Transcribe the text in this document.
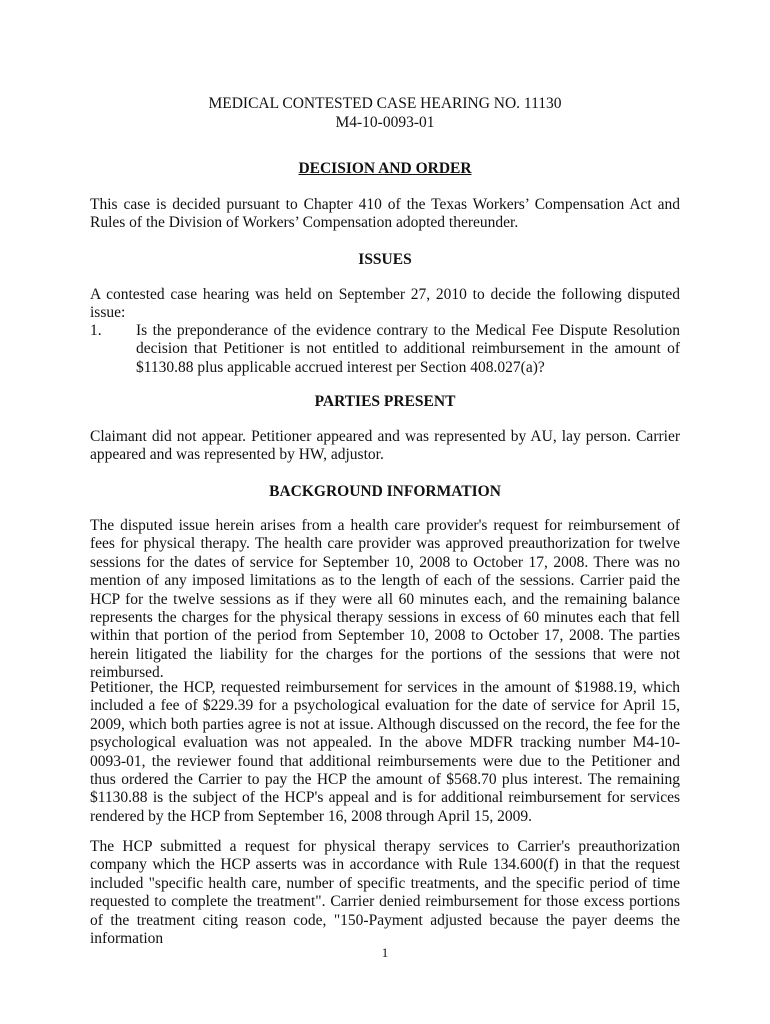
MEDICAL CONTESTED CASE HEARING NO. 11130

M4-10-0093-01

DECISION AND ORDER

This case is decided pursuant to Chapter 410 of the Texas Workers’ Compensation Act and Rules of the Division of Workers’ Compensation adopted thereunder.

ISSUES

A contested case hearing was held on September 27, 2010 to decide the following disputed issue:

1. Is the preponderance of the evidence contrary to the Medical Fee Dispute Resolution decision that Petitioner is not entitled to additional reimbursement in the amount of $1130.88 plus applicable accrued interest per Section 408.027(a)?

PARTIES PRESENT

Claimant did not appear. Petitioner appeared and was represented by AU, lay person. Carrier appeared and was represented by HW, adjustor.

BACKGROUND INFORMATION

The disputed issue herein arises from a health care provider's request for reimbursement of fees for physical therapy. The health care provider was approved preauthorization for twelve sessions for the dates of service for September 10, 2008 to October 17, 2008. There was no mention of any imposed limitations as to the length of each of the sessions. Carrier paid the HCP for the twelve sessions as if they were all 60 minutes each, and the remaining balance represents the charges for the physical therapy sessions in excess of 60 minutes each that fell within that portion of the period from September 10, 2008 to October 17, 2008. The parties herein litigated the liability for the charges for the portions of the sessions that were not reimbursed.

Petitioner, the HCP, requested reimbursement for services in the amount of $1988.19, which included a fee of $229.39 for a psychological evaluation for the date of service for April 15, 2009, which both parties agree is not at issue. Although discussed on the record, the fee for the psychological evaluation was not appealed. In the above MDFR tracking number M4-10-0093-01, the reviewer found that additional reimbursements were due to the Petitioner and thus ordered the Carrier to pay the HCP the amount of $568.70 plus interest. The remaining $1130.88 is the subject of the HCP's appeal and is for additional reimbursement for services rendered by the HCP from September 16, 2008 through April 15, 2009.

The HCP submitted a request for physical therapy services to Carrier's preauthorization company which the HCP asserts was in accordance with Rule 134.600(f) in that the request included "specific health care, number of specific treatments, and the specific period of time requested to complete the treatment". Carrier denied reimbursement for those excess portions of the treatment citing reason code, "150-Payment adjusted because the payer deems the information

1
